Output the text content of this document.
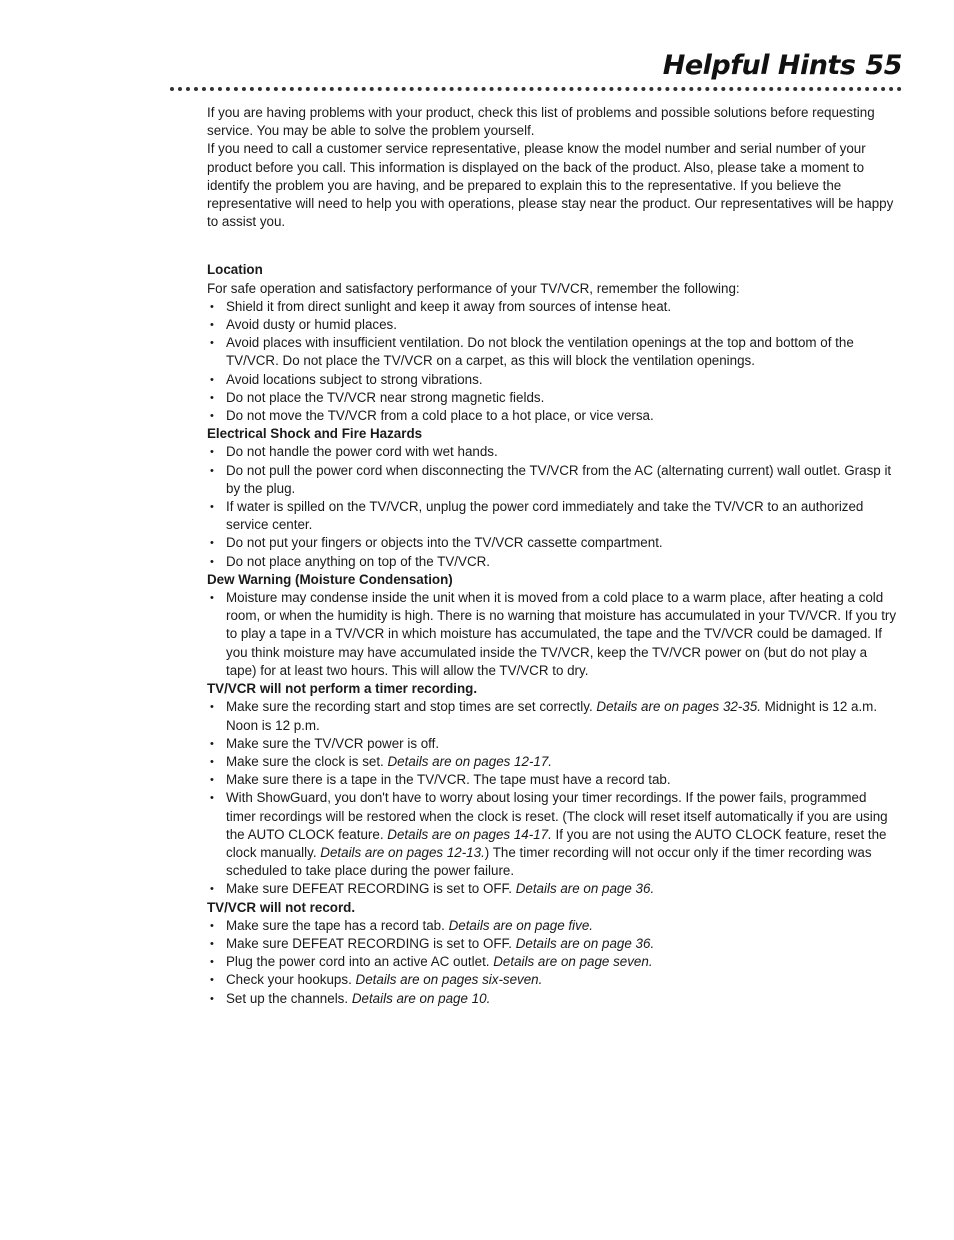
Helpful Hints 55

If you are having problems with your product, check this list of problems and possible solutions before requesting service. You may be able to solve the problem yourself.

If you need to call a customer service representative, please know the model number and serial number of your product before you call. This information is displayed on the back of the product. Also, please take a moment to identify the problem you are having, and be prepared to explain this to the representative. If you believe the representative will need to help you with operations, please stay near the product. Our representatives will be happy to assist you.

Location

For safe operation and satisfactory performance of your TV/VCR, remember the following:

• Shield it from direct sunlight and keep it away from sources of intense heat.
• Avoid dusty or humid places.
• Avoid places with insufficient ventilation. Do not block the ventilation openings at the top and bottom of the TV/VCR. Do not place the TV/VCR on a carpet, as this will block the ventilation openings.
• Avoid locations subject to strong vibrations.
• Do not place the TV/VCR near strong magnetic fields.
• Do not move the TV/VCR from a cold place to a hot place, or vice versa.

Electrical Shock and Fire Hazards

• Do not handle the power cord with wet hands.
• Do not pull the power cord when disconnecting the TV/VCR from the AC (alternating current) wall outlet. Grasp it by the plug.
• If water is spilled on the TV/VCR, unplug the power cord immediately and take the TV/VCR to an authorized service center.
• Do not put your fingers or objects into the TV/VCR cassette compartment.
• Do not place anything on top of the TV/VCR.

Dew Warning (Moisture Condensation)

• Moisture may condense inside the unit when it is moved from a cold place to a warm place, after heating a cold room, or when the humidity is high. There is no warning that moisture has accumulated in your TV/VCR. If you try to play a tape in a TV/VCR in which moisture has accumulated, the tape and the TV/VCR could be damaged. If you think moisture may have accumulated inside the TV/VCR, keep the TV/VCR power on (but do not play a tape) for at least two hours. This will allow the TV/VCR to dry.

TV/VCR will not perform a timer recording.

• Make sure the recording start and stop times are set correctly. Details are on pages 32-35. Midnight is 12 a.m. Noon is 12 p.m.
• Make sure the TV/VCR power is off.
• Make sure the clock is set. Details are on pages 12-17.
• Make sure there is a tape in the TV/VCR. The tape must have a record tab.
• With ShowGuard, you don't have to worry about losing your timer recordings. If the power fails, programmed timer recordings will be restored when the clock is reset. (The clock will reset itself automatically if you are using the AUTO CLOCK feature. Details are on pages 14-17. If you are not using the AUTO CLOCK feature, reset the clock manually. Details are on pages 12-13.) The timer recording will not occur only if the timer recording was scheduled to take place during the power failure.
• Make sure DEFEAT RECORDING is set to OFF. Details are on page 36.

TV/VCR will not record.

• Make sure the tape has a record tab. Details are on page five.
• Make sure DEFEAT RECORDING is set to OFF. Details are on page 36.
• Plug the power cord into an active AC outlet. Details are on page seven.
• Check your hookups. Details are on pages six-seven.
• Set up the channels. Details are on page 10.
